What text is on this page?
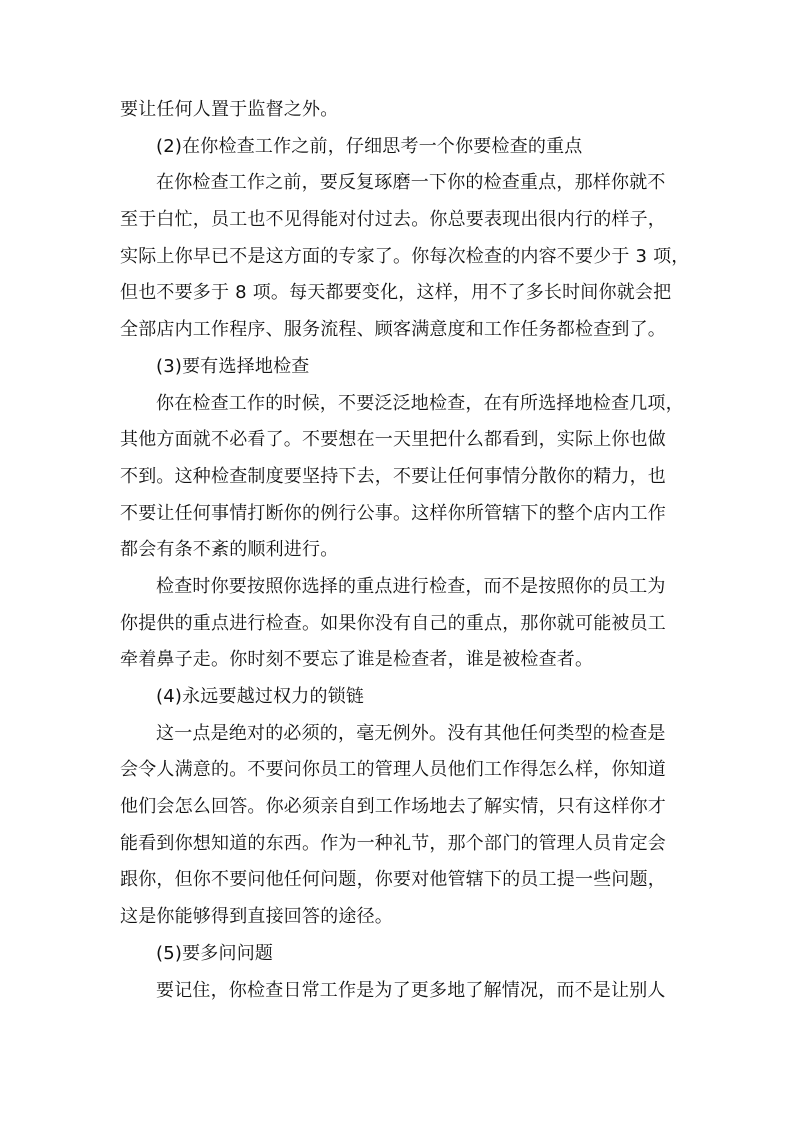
要让任何人置于监督之外。
(2)在你检查工作之前，仔细思考一个你要检查的重点
在你检查工作之前，要反复琢磨一下你的检查重点，那样你就不
至于白忙，员工也不见得能对付过去。你总要表现出很内行的样子，
实际上你早已不是这方面的专家了。你每次检查的内容不要少于 3 项，
但也不要多于 8 项。每天都要变化，这样，用不了多长时间你就会把
全部店内工作程序、服务流程、顾客满意度和工作任务都检查到了。
(3)要有选择地检查
你在检查工作的时候，不要泛泛地检查，在有所选择地检查几项，
其他方面就不必看了。不要想在一天里把什么都看到，实际上你也做
不到。这种检查制度要坚持下去，不要让任何事情分散你的精力，也
不要让任何事情打断你的例行公事。这样你所管辖下的整个店内工作
都会有条不紊的顺利进行。
检查时你要按照你选择的重点进行检查，而不是按照你的员工为
你提供的重点进行检查。如果你没有自己的重点，那你就可能被员工
牵着鼻子走。你时刻不要忘了谁是检查者，谁是被检查者。
(4)永远要越过权力的锁链
这一点是绝对的必须的，毫无例外。没有其他任何类型的检查是
会令人满意的。不要问你员工的管理人员他们工作得怎么样，你知道
他们会怎么回答。你必须亲自到工作场地去了解实情，只有这样你才
能看到你想知道的东西。作为一种礼节，那个部门的管理人员肯定会
跟你，但你不要问他任何问题，你要对他管辖下的员工提一些问题，
这是你能够得到直接回答的途径。
(5)要多问问题
要记住，你检查日常工作是为了更多地了解情况，而不是让别人
